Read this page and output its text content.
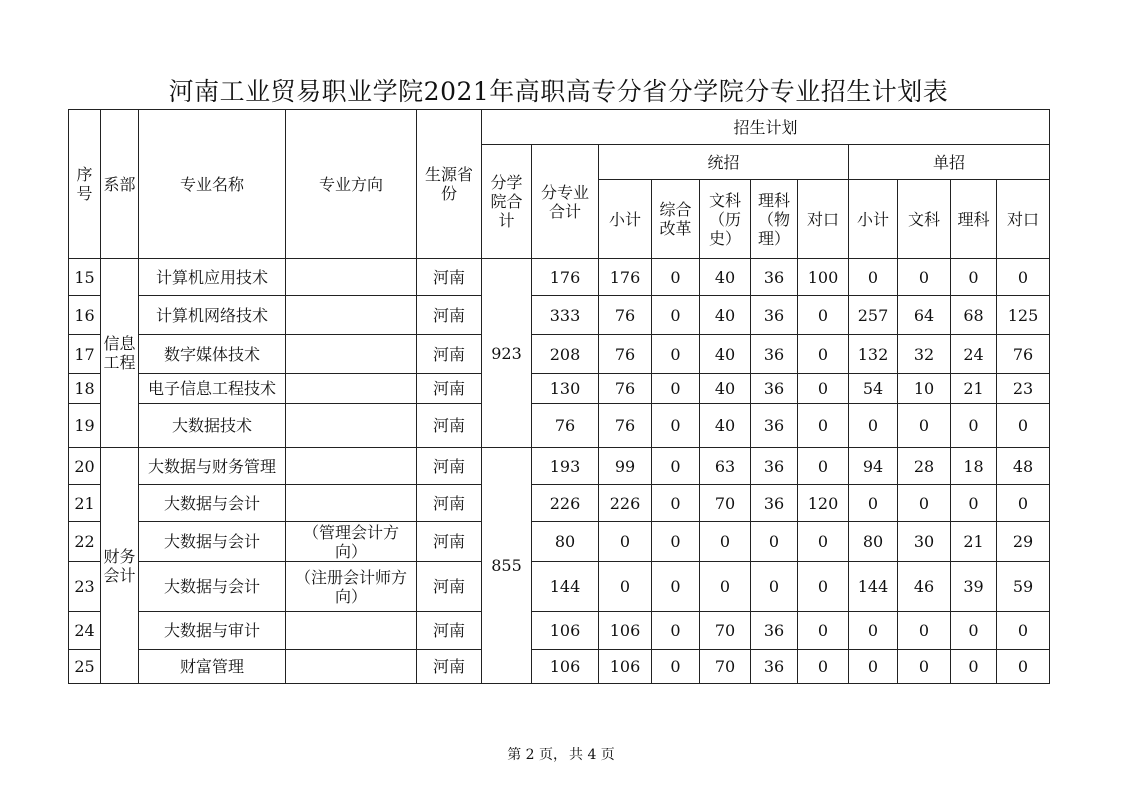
河南工业贸易职业学院2021年高职高专分省分学院分专业招生计划表
序号	系部	专业名称	专业方向	生源省份	招生计划										
					分学院合计	分专业合计	统招					单招			
							小计	综合改革	文科（历史）	理科（物理）	对口	小计	文科	理科	对口
15	信息工程	计算机应用技术		河南	923	176	176	0	40	36	100	0	0	0	0
16		计算机网络技术		河南		333	76	0	40	36	0	257	64	68	125
17		数字媒体技术		河南		208	76	0	40	36	0	132	32	24	76
18		电子信息工程技术		河南		130	76	0	40	36	0	54	10	21	23
19		大数据技术		河南		76	76	0	40	36	0	0	0	0	0
20	财务会计	大数据与财务管理		河南	855	193	99	0	63	36	0	94	28	18	48
21		大数据与会计		河南		226	226	0	70	36	120	0	0	0	0
22		大数据与会计	（管理会计方向）	河南		80	0	0	0	0	0	80	30	21	29
23		大数据与会计	（注册会计师方向）	河南		144	0	0	0	0	0	144	46	39	59
24		大数据与审计		河南		106	106	0	70	36	0	0	0	0	0
25		财富管理		河南		106	106	0	70	36	0	0	0	0	0
第 2 页， 共 4 页
